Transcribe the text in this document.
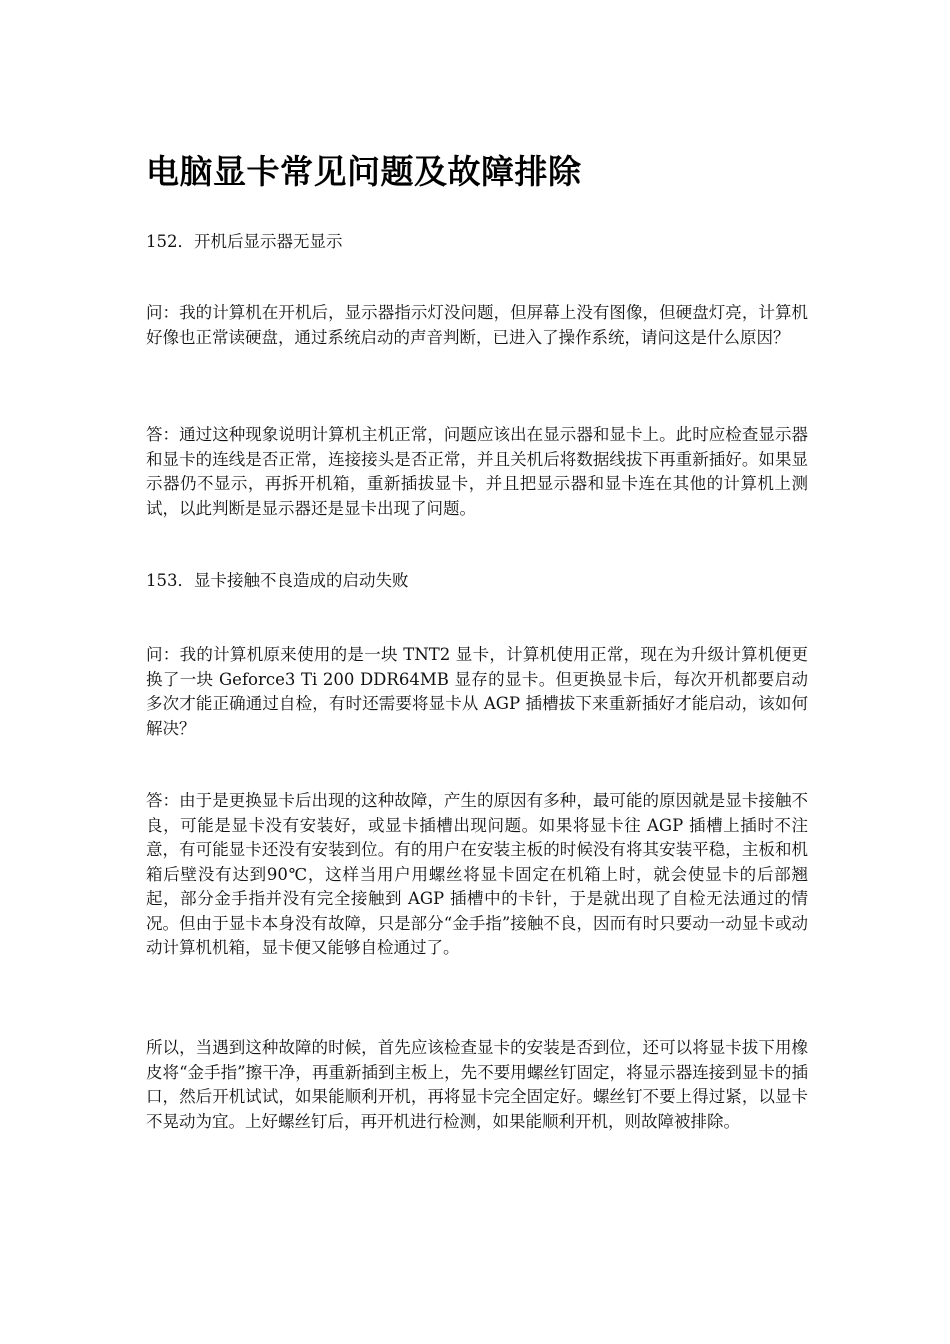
电脑显卡常见问题及故障排除

152．开机后显示器无显示

问：我的计算机在开机后，显示器指示灯没问题，但屏幕上没有图像，但硬盘灯亮，计算机好像也正常读硬盘，通过系统启动的声音判断，已进入了操作系统，请问这是什么原因？

答：通过这种现象说明计算机主机正常，问题应该出在显示器和显卡上。此时应检查显示器和显卡的连线是否正常，连接接头是否正常，并且关机后将数据线拔下再重新插好。如果显示器仍不显示，再拆开机箱，重新插拔显卡，并且把显示器和显卡连在其他的计算机上测试，以此判断是显示器还是显卡出现了问题。

153．显卡接触不良造成的启动失败

问：我的计算机原来使用的是一块 TNT2 显卡，计算机使用正常，现在为升级计算机便更换了一块 Geforce3 Ti 200 DDR64MB 显存的显卡。但更换显卡后，每次开机都要启动多次才能正确通过自检，有时还需要将显卡从 AGP 插槽拔下来重新插好才能启动，该如何解决？

答：由于是更换显卡后出现的这种故障，产生的原因有多种，最可能的原因就是显卡接触不良，可能是显卡没有安装好，或显卡插槽出现问题。如果将显卡往 AGP 插槽上插时不注意，有可能显卡还没有安装到位。有的用户在安装主板的时候没有将其安装平稳，主板和机箱后壁没有达到90℃，这样当用户用螺丝将显卡固定在机箱上时，就会使显卡的后部翘起，部分金手指并没有完全接触到 AGP 插槽中的卡针，于是就出现了自检无法通过的情况。但由于显卡本身没有故障，只是部分“金手指”接触不良，因而有时只要动一动显卡或动动计算机机箱，显卡便又能够自检通过了。

所以，当遇到这种故障的时候，首先应该检查显卡的安装是否到位，还可以将显卡拔下用橡皮将“金手指”擦干净，再重新插到主板上，先不要用螺丝钉固定，将显示器连接到显卡的插口，然后开机试试，如果能顺利开机，再将显卡完全固定好。螺丝钉不要上得过紧，以显卡不晃动为宜。上好螺丝钉后，再开机进行检测，如果能顺利开机，则故障被排除。
